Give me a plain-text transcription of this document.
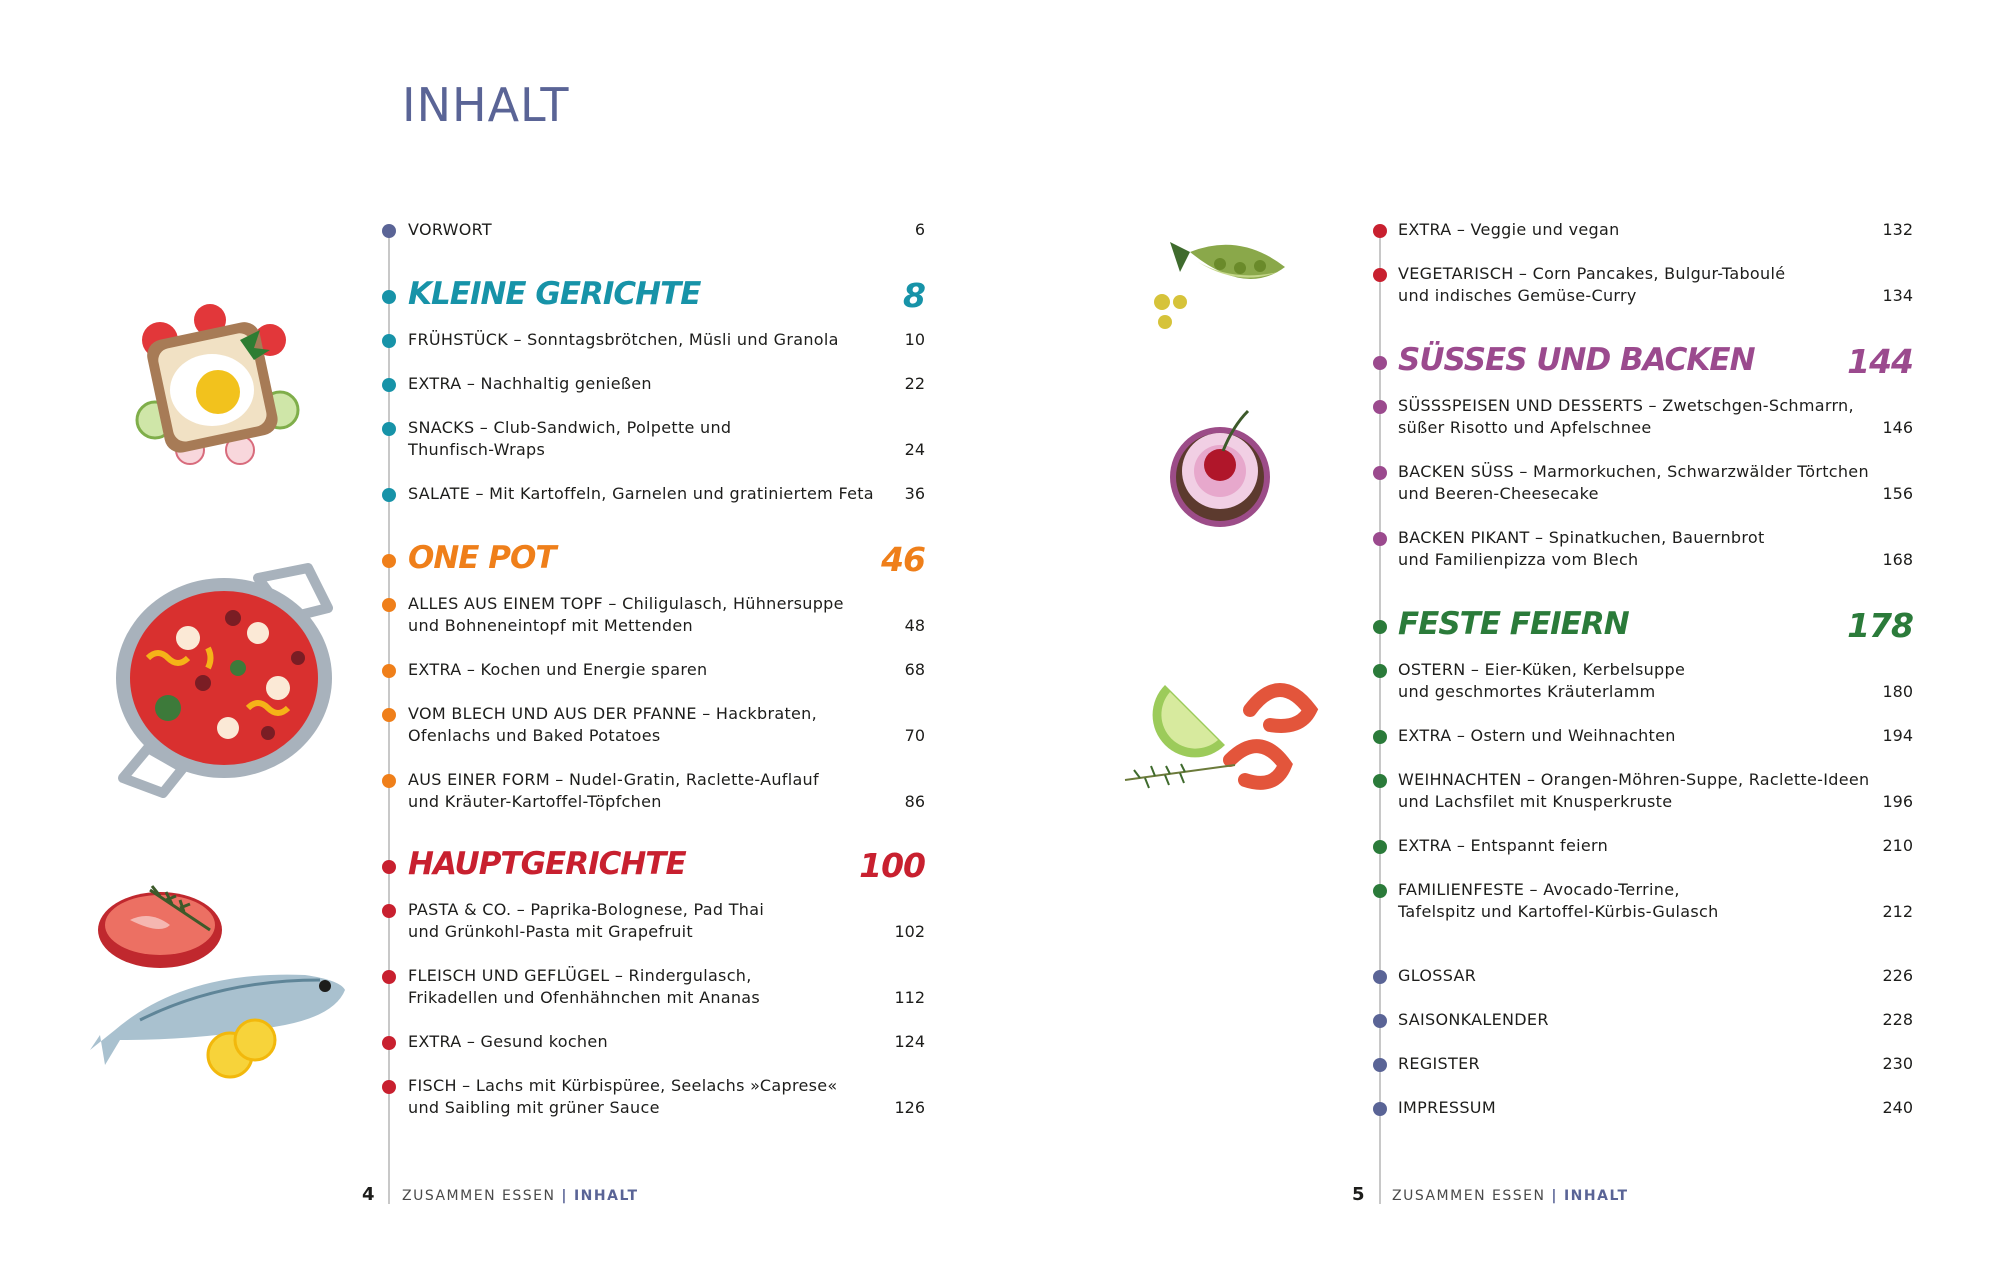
INHALT
VORWORT	6
KLEINE GERICHTE	8
FRÜHSTÜCK – Sonntagsbrötchen, Müsli und Granola	10
EXTRA – Nachhaltig genießen	22
SNACKS – Club-Sandwich, Polpette und
Thunfisch-Wraps	24
SALATE – Mit Kartoffeln, Garnelen und gratiniertem Feta 36
ONE POT	46
ALLES AUS EINEM TOPF – Chiligulasch, Hühnersuppe
und Bohneneintopf mit Mettenden	48
EXTRA – Kochen und Energie sparen	68
VOM BLECH UND AUS DER PFANNE – Hackbraten,
Ofenlachs und Baked Potatoes	70
AUS EINER FORM – Nudel-Gratin, Raclette-Auflauf
und Kräuter-Kartoffel-Töpfchen	86
HAUPTGERICHTE	100
PASTA & CO. – Paprika-Bolognese, Pad Thai
und Grünkohl-Pasta mit Grapefruit	102
FLEISCH UND GEFLÜGEL – Rindergulasch,
Frikadellen und Ofenhähnchen mit Ananas	112
EXTRA – Gesund kochen	124
FISCH – Lachs mit Kürbispüree, Seelachs »Caprese«
und Saibling mit grüner Sauce	126
EXTRA – Veggie und vegan	132
VEGETARISCH – Corn Pancakes, Bulgur-Taboulé
und indisches Gemüse-Curry	134
SÜSSES UND BACKEN	144
SÜSSSPEISEN UND DESSERTS – Zwetschgen-Schmarrn,
süßer Risotto und Apfelschnee	146
BACKEN SÜSS – Marmorkuchen, Schwarzwälder Törtchen
und Beeren-Cheesecake	156
BACKEN PIKANT – Spinatkuchen, Bauernbrot
und Familienpizza vom Blech	168
FESTE FEIERN	178
OSTERN – Eier-Küken, Kerbelsuppe
und geschmortes Kräuterlamm	180
EXTRA – Ostern und Weihnachten	194
WEIHNACHTEN – Orangen-Möhren-Suppe, Raclette-Ideen
und Lachsfilet mit Knusperkruste	196
EXTRA – Entspannt feiern	210
FAMILIENFESTE – Avocado-Terrine,
Tafelspitz und Kartoffel-Kürbis-Gulasch	212
GLOSSAR	226
SAISONKALENDER	228
REGISTER	230
IMPRESSUM	240
4 ZUSAMMEN ESSEN | INHALT	5 ZUSAMMEN ESSEN | INHALT
